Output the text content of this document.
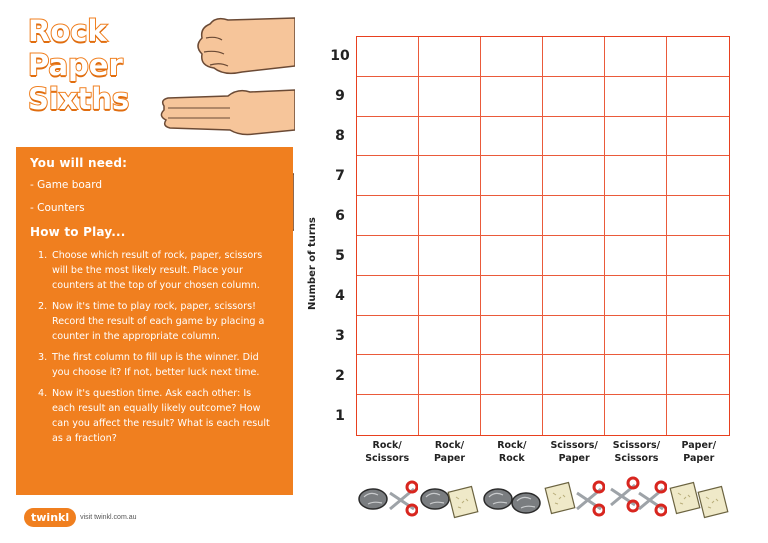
Rock
Paper
Sixths
You will need:
- Game board
- Counters
How to Play...
1. Choose which result of rock, paper, scissors will be the most likely result. Place your counters at the top of your chosen column.
2. Now it's time to play rock, paper, scissors! Record the result of each game by placing a counter in the appropriate column.
3. The first column to fill up is the winner. Did you choose it? If not, better luck next time.
4. Now it's question time. Ask each other: Is each result an equally likely outcome? How can you affect the result? What is each result as a fraction?
twinkl	visit twinkl.com.au
Number of turns
10
9
8
7
6
5
4
3
2
1
Rock/
Scissors
Rock/
Paper
Rock/
Rock
Scissors/
Paper
Scissors/
Scissors
Paper/
Paper
